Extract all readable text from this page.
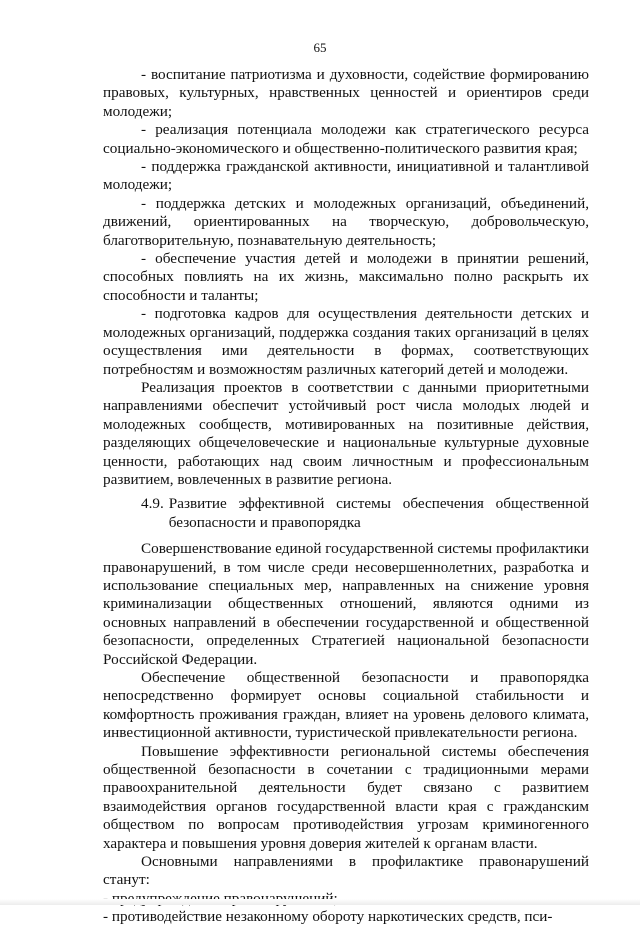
65

- воспитание патриотизма и духовности, содействие формированию правовых, культурных, нравственных ценностей и ориентиров среди молодежи;

- реализация потенциала молодежи как стратегического ресурса социально-экономического и общественно-политического развития края;

- поддержка гражданской активности, инициативной и талантливой молодежи;

- поддержка детских и молодежных организаций, объединений, движений, ориентированных на творческую, добровольческую, благотворительную, познавательную деятельность;

- обеспечение участия детей и молодежи в принятии решений, способных повлиять на их жизнь, максимально полно раскрыть их способности и таланты;

- подготовка кадров для осуществления деятельности детских и молодежных организаций, поддержка создания таких организаций в целях осуществления ими деятельности в формах, соответствующих потребностям и возможностям различных категорий детей и молодежи.

Реализация проектов в соответствии с данными приоритетными направлениями обеспечит устойчивый рост числа молодых людей и молодежных сообществ, мотивированных на позитивные действия, разделяющих общечеловеческие и национальные культурные духовные ценности, работающих над своим личностным и профессиональным развитием, вовлеченных в развитие региона.

4.9. Развитие эффективной системы обеспечения общественной безопасности и правопорядка

Совершенствование единой государственной системы профилактики правонарушений, в том числе среди несовершеннолетних, разработка и использование специальных мер, направленных на снижение уровня криминализации общественных отношений, являются одними из основных направлений в обеспечении государственной и общественной безопасности, определенных Стратегией национальной безопасности Российской Федерации.

Обеспечение общественной безопасности и правопорядка непосредственно формирует основы социальной стабильности и комфортность проживания граждан, влияет на уровень делового климата, инвестиционной активности, туристической привлекательности региона.

Повышение эффективности региональной системы обеспечения общественной безопасности в сочетании с традиционными мерами правоохранительной деятельности будет связано с развитием взаимодействия органов государственной власти края с гражданским обществом по вопросам противодействия угрозам криминогенного характера и повышения уровня доверия жителей к органам власти.

Основными направлениями в профилактике правонарушений станут:

- противодействие незаконному обороту наркотических средств, пси-
